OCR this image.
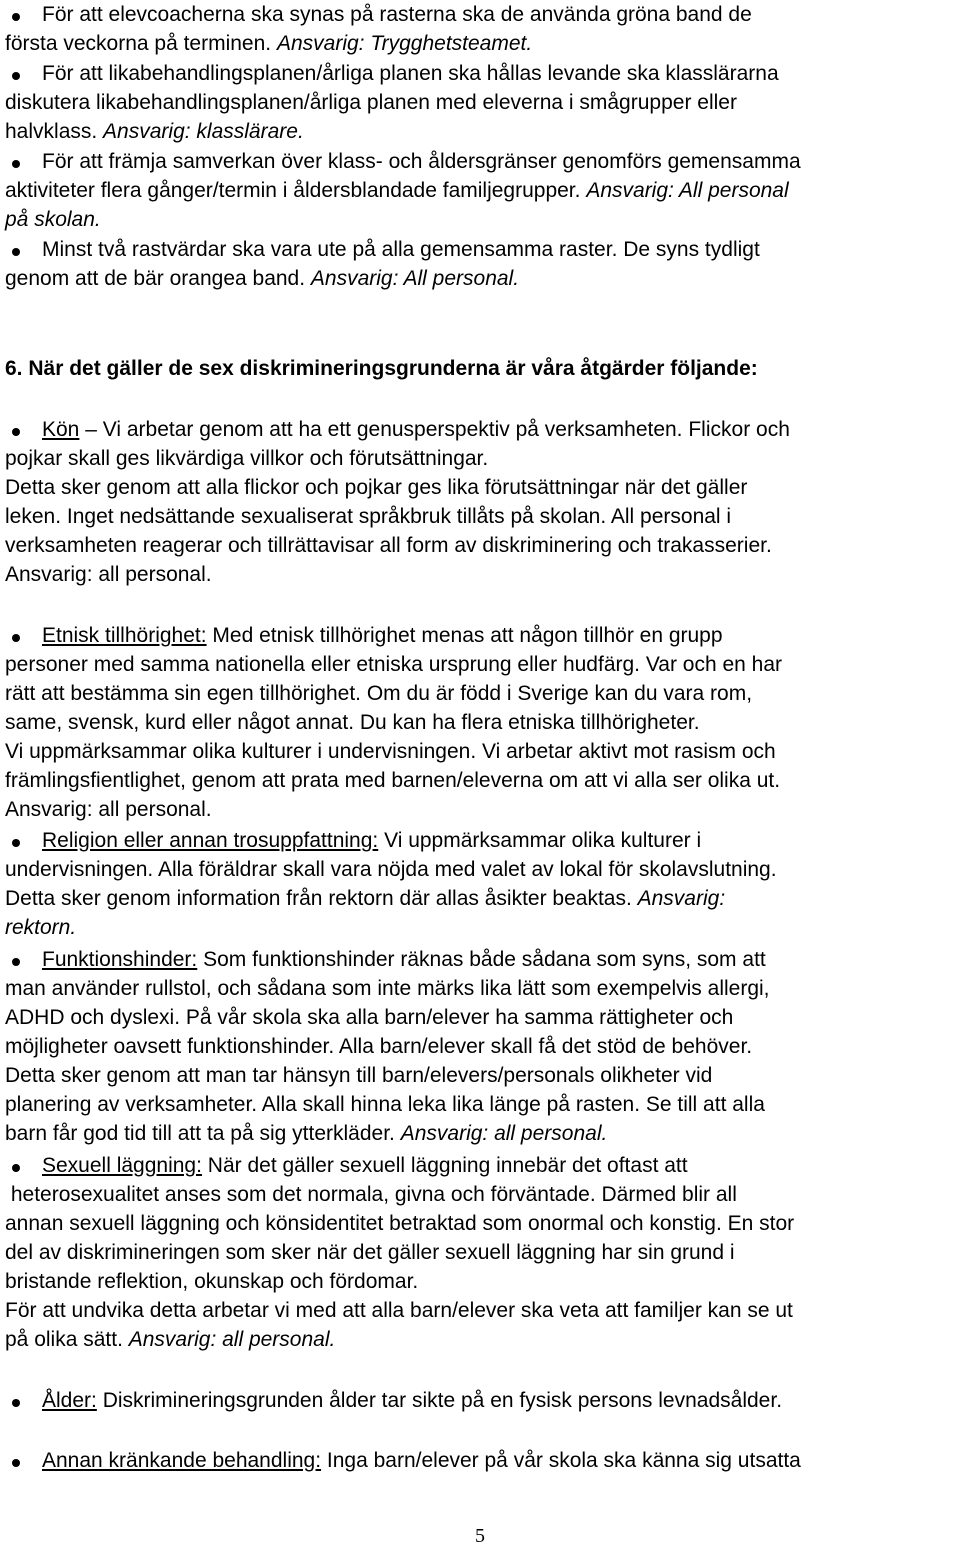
För att elevcoacherna ska synas på rasterna ska de använda gröna band de
första veckorna på terminen. Ansvarig: Trygghetsteamet.
För att likabehandlingsplanen/årliga planen ska hållas levande ska klasslärarna
diskutera likabehandlingsplanen/årliga planen med eleverna i smågrupper eller
halvklass. Ansvarig: klasslärare.
För att främja samverkan över klass- och åldersgränser genomförs gemensamma
aktiviteter flera gånger/termin i åldersblandade familjegrupper. Ansvarig: All personal
på skolan.
Minst två rastvärdar ska vara ute på alla gemensamma raster. De syns tydligt
genom att de bär orangea band. Ansvarig: All personal.
6. När det gäller de sex diskrimineringsgrunderna är våra åtgärder följande:
Kön – Vi arbetar genom att ha ett genusperspektiv på verksamheten. Flickor och
pojkar skall ges likvärdiga villkor och förutsättningar.
Detta sker genom att alla flickor och pojkar ges lika förutsättningar när det gäller
leken. Inget nedsättande sexualiserat språkbruk tillåts på skolan. All personal i
verksamheten reagerar och tillrättavisar all form av diskriminering och trakasserier.
Ansvarig: all personal.
Etnisk tillhörighet: Med etnisk tillhörighet menas att någon tillhör en grupp
personer med samma nationella eller etniska ursprung eller hudfärg. Var och en har
rätt att bestämma sin egen tillhörighet. Om du är född i Sverige kan du vara rom,
same, svensk, kurd eller något annat. Du kan ha flera etniska tillhörigheter.
Vi uppmärksammar olika kulturer i undervisningen. Vi arbetar aktivt mot rasism och
främlingsfientlighet, genom att prata med barnen/eleverna om att vi alla ser olika ut.
Ansvarig: all personal.
Religion eller annan trosuppfattning: Vi uppmärksammar olika kulturer i
undervisningen. Alla föräldrar skall vara nöjda med valet av lokal för skolavslutning.
Detta sker genom information från rektorn där allas åsikter beaktas. Ansvarig:
rektorn.
Funktionshinder: Som funktionshinder räknas både sådana som syns, som att
man använder rullstol, och sådana som inte märks lika lätt som exempelvis allergi,
ADHD och dyslexi. På vår skola ska alla barn/elever ha samma rättigheter och
möjligheter oavsett funktionshinder. Alla barn/elever skall få det stöd de behöver.
Detta sker genom att man tar hänsyn till barn/elevers/personals olikheter vid
planering av verksamheter. Alla skall hinna leka lika länge på rasten. Se till att alla
barn får god tid till att ta på sig ytterkläder. Ansvarig: all personal.
Sexuell läggning: När det gäller sexuell läggning innebär det oftast att
heterosexualitet anses som det normala, givna och förväntade. Därmed blir all
annan sexuell läggning och könsidentitet betraktad som onormal och konstig. En stor
del av diskrimineringen som sker när det gäller sexuell läggning har sin grund i
bristande reflektion, okunskap och fördomar.
För att undvika detta arbetar vi med att alla barn/elever ska veta att familjer kan se ut
på olika sätt. Ansvarig: all personal.
Ålder: Diskrimineringsgrunden ålder tar sikte på en fysisk persons levnadsålder.
Annan kränkande behandling: Inga barn/elever på vår skola ska känna sig utsatta
5
